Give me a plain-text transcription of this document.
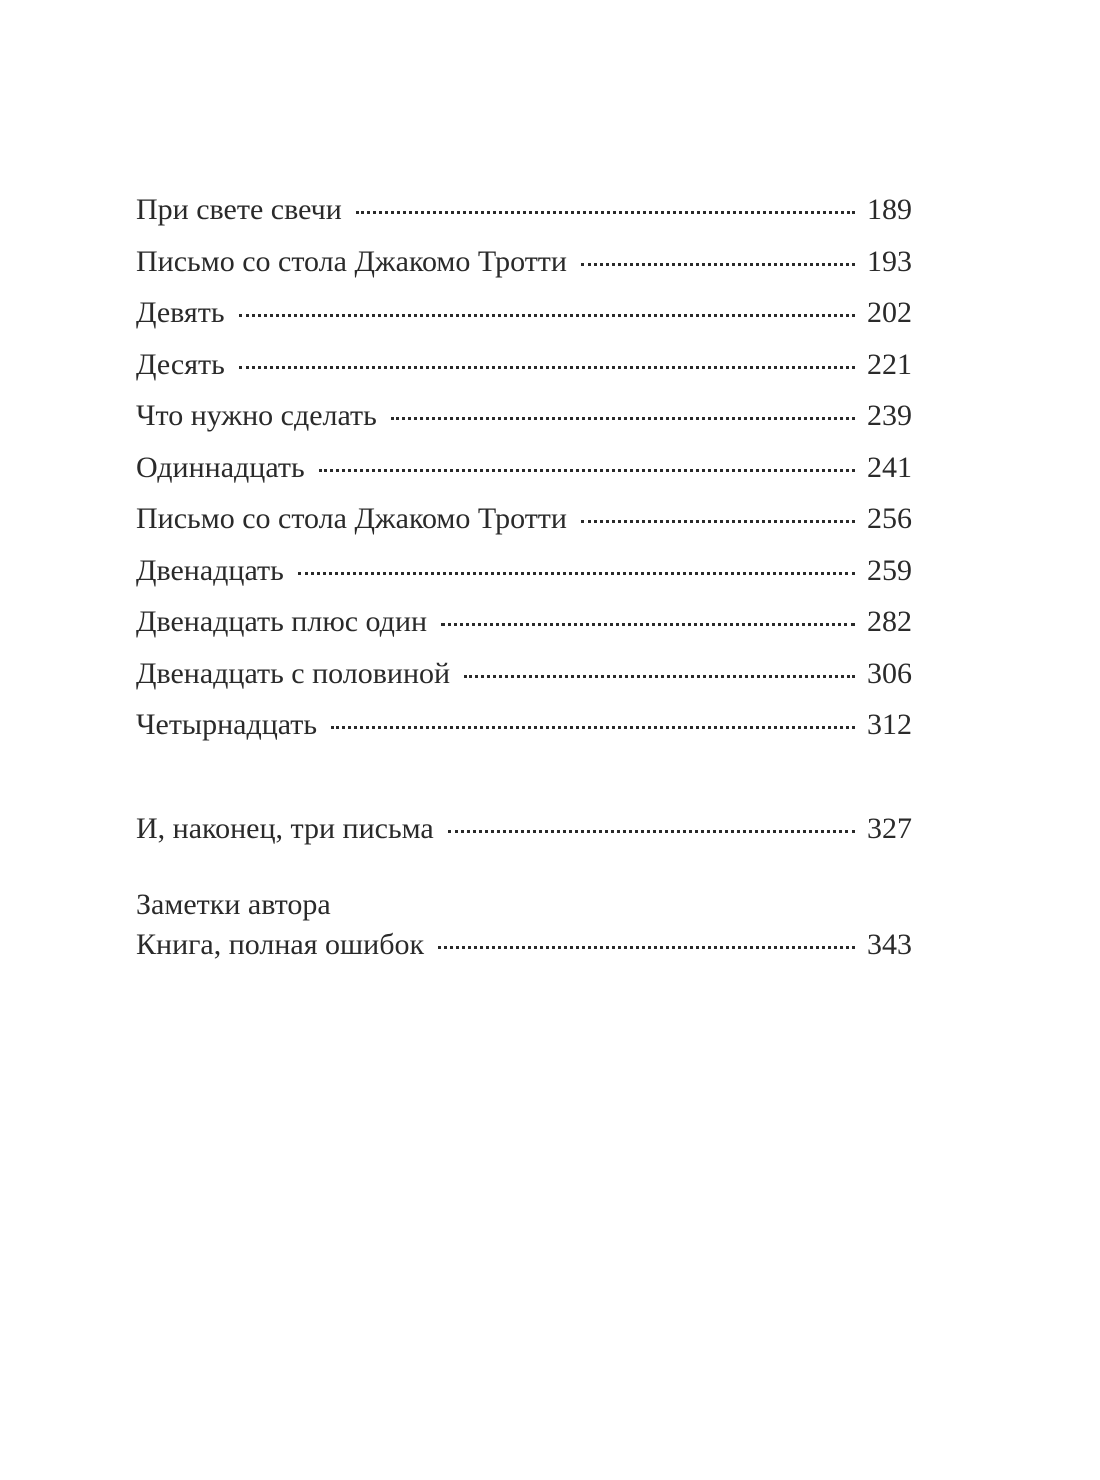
При свете свечи	189
Письмо со стола Джакомо Тротти	193
Девять	202
Десять	221
Что нужно сделать	239
Одиннадцать	241
Письмо со стола Джакомо Тротти	256
Двенадцать	259
Двенадцать плюс один	282
Двенадцать с половиной	306
Четырнадцать	312
И, наконец, три письма	327
Заметки автора
Книга, полная ошибок	343
